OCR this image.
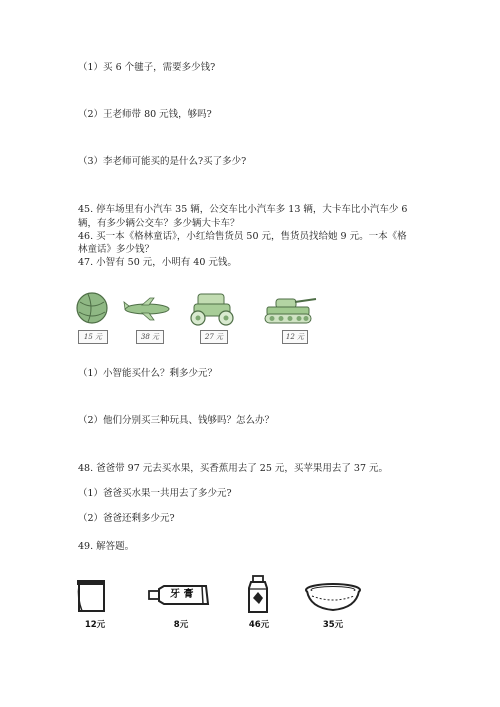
（1）买 6 个毽子，需要多少钱?
（2）王老师带 80 元钱，够吗?
（3）李老师可能买的是什么?买了多少?
45. 停车场里有小汽车 35 辆，公交车比小汽车多 13 辆，大卡车比小汽车少 6
辆，有多少辆公交车？多少辆大卡车？
46. 买一本《格林童话》，小红给售货员 50 元，售货员找给她 9 元。一本《格
林童话》多少钱？
47. 小智有 50 元，小明有 40 元钱。
15 元	38 元	27 元	12 元
（1）小智能买什么？剩多少元？
（2）他们分别买三种玩具、钱够吗？怎么办？
48. 爸爸带 97 元去买水果，买香蕉用去了 25 元，买苹果用去了 37 元。
（1）爸爸买水果一共用去了多少元?
（2）爸爸还剩多少元?
49. 解答题。
12元
牙 膏
8元	46元	35元
